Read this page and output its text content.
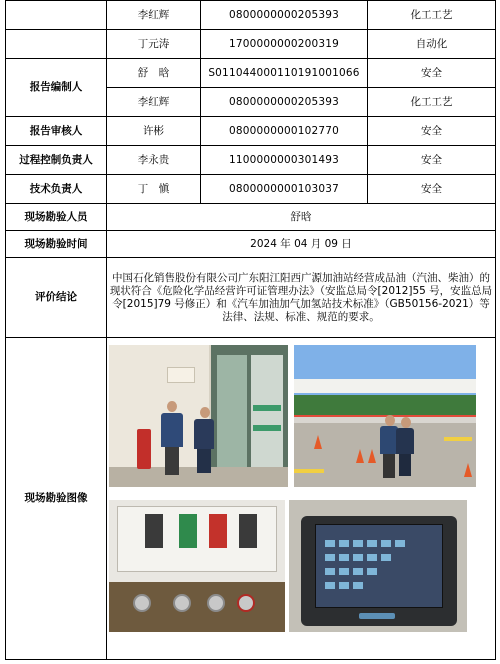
	李红辉	0800000000205393	化工工艺
	丁元涛	1700000000200319	自动化
报告编制人	舒　晗	S011044000110191001066	安全
	李红辉	0800000000205393	化工工艺
报告审核人	许彬	0800000000102770	安全
过程控制负责人	李永贵	1100000000301493	安全
技术负责人	丁　愼	0800000000103037	安全
现场勘验人员	舒晗		
现场勘验时间	2024 年 04 月 09 日		
评价结论	中国石化销售股份有限公司广东阳江阳西广源加油站经营成品油（汽油、柴油）的现状符合《危险化学品经营许可证管理办法》（安监总局令[2012]55 号，安监总局令[2015]79 号修正）和《汽车加油加气加氢站技术标准》（GB50156-2021）等法律、法规、标准、规范的要求。		
现场勘验图像			
